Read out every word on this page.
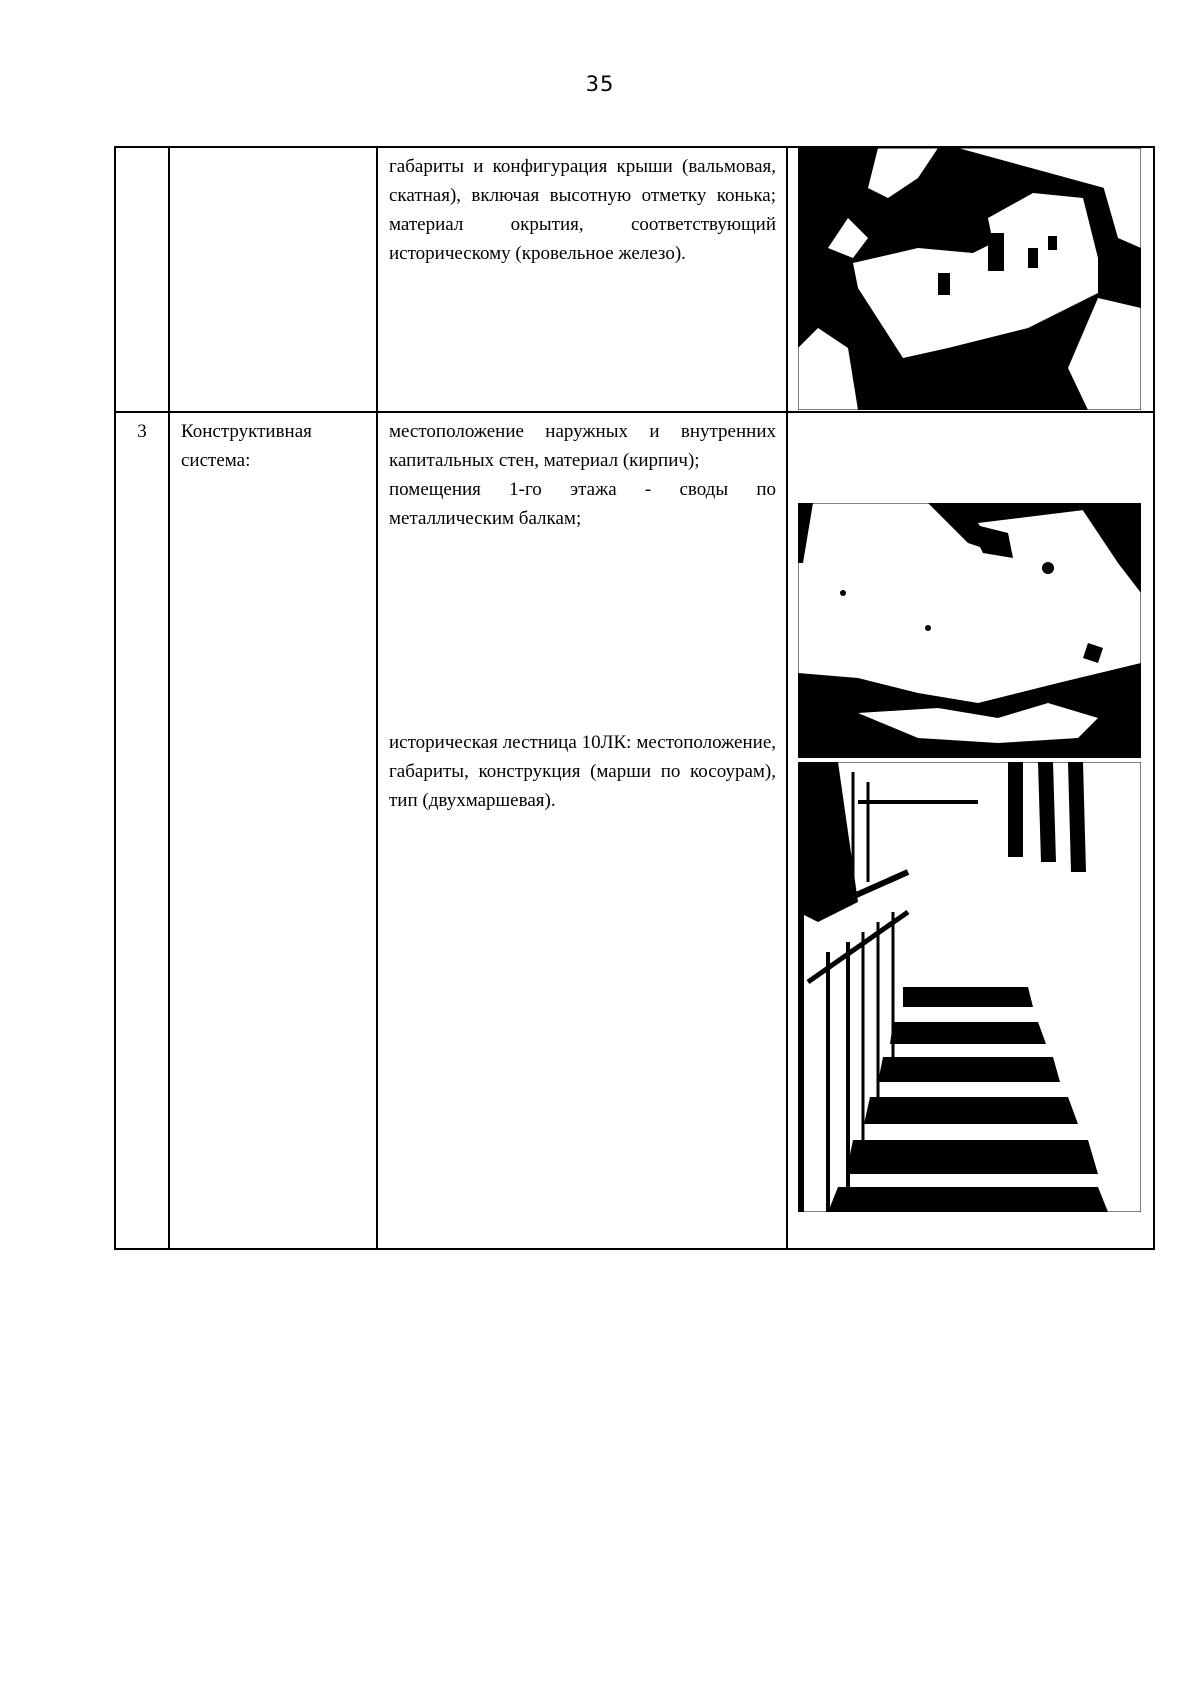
35

		габариты и конфигурация крыши (вальмовая, скатная), включая высотную отметку конька; материал окрытия, соответствующий историческому (кровельное железо).

3	Конструктивная система:	местоположение наружных и внутренних капитальных стен, материал (кирпич);
помещения 1-го этажа - своды по металлическим балкам;
историческая лестница 10ЛК: местоположение, габариты, конструкция (марши по косоурам), тип (двухмаршевая).
